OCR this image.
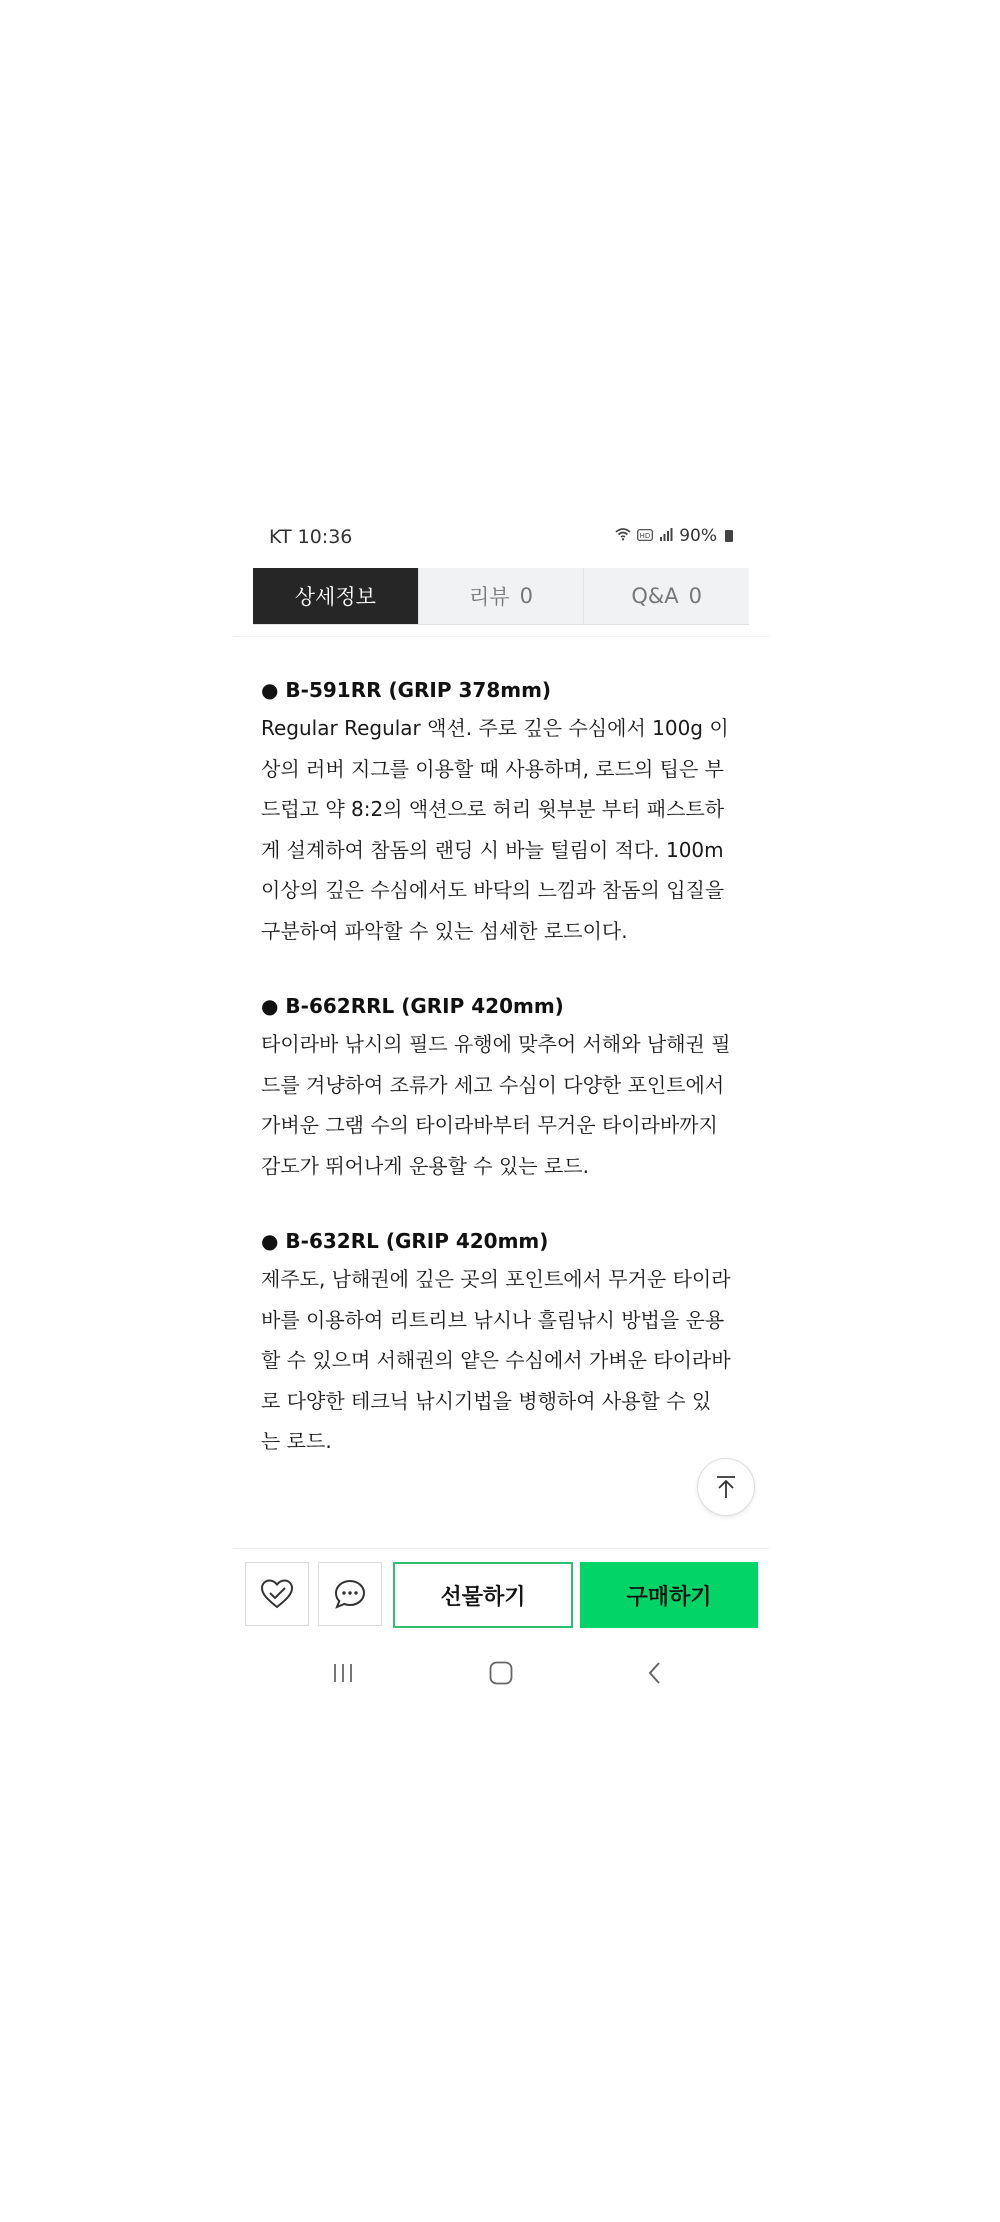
KT 10:36	HD 90%
상세정보	리뷰 0	Q&A 0
● B-591RR (GRIP 378mm)
Regular Regular 액션. 주로 깊은 수심에서 100g 이
상의 러버 지그를 이용할 때 사용하며, 로드의 팁은 부
드럽고 약 8:2의 액션으로 허리 윗부분 부터 패스트하
게 설계하여 참돔의 랜딩 시 바늘 털림이 적다. 100m
이상의 깊은 수심에서도 바닥의 느낌과 참돔의 입질을
구분하여 파악할 수 있는 섬세한 로드이다.
● B-662RRL (GRIP 420mm)
타이라바 낚시의 필드 유행에 맞추어 서해와 남해권 필
드를 겨냥하여 조류가 세고 수심이 다양한 포인트에서
가벼운 그램 수의 타이라바부터 무거운 타이라바까지
감도가 뛰어나게 운용할 수 있는 로드.
● B-632RL (GRIP 420mm)
제주도, 남해권에 깊은 곳의 포인트에서 무거운 타이라
바를 이용하여 리트리브 낚시나 흘림낚시 방법을 운용
할 수 있으며 서해권의 얕은 수심에서 가벼운 타이라바
로 다양한 테크닉 낚시기법을 병행하여 사용할 수 있
는 로드.
선물하기	구매하기
